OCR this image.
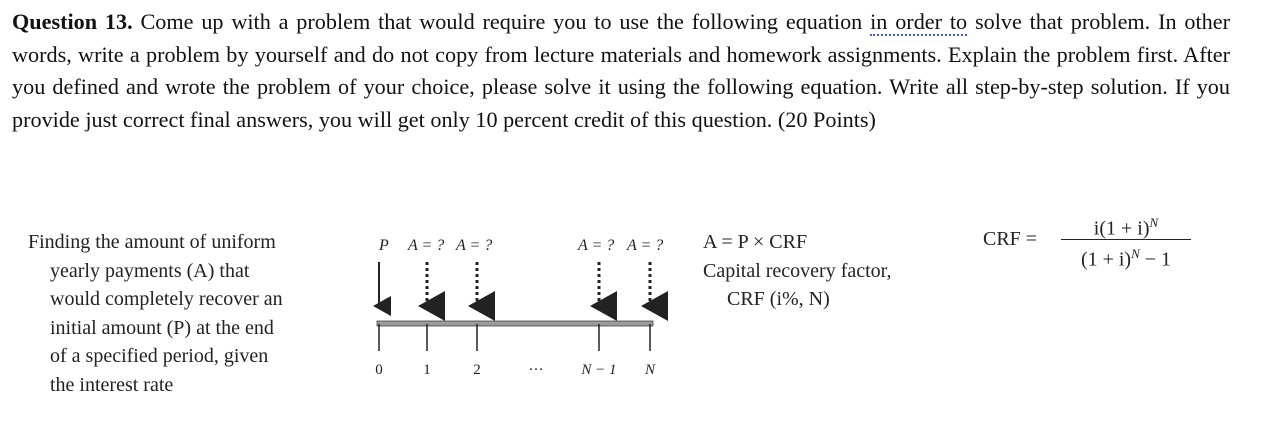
Question 13. Come up with a problem that would require you to use the following equation in order to solve that problem. In other words, write a problem by yourself and do not copy from lecture materials and homework assignments. Explain the problem first. After you defined and wrote the problem of your choice, please solve it using the following equation. Write all step-by-step solution. If you provide just correct final answers, you will get only 10 percent credit of this question. (20 Points)

Finding the amount of uniform
yearly payments (A) that
would completely recover an
initial amount (P) at the end
of a specified period, given
the interest rate
P A = ? A = ?	A = ? A = ?
0	1	2	···	N − 1 N
A = P × CRF
Capital recovery factor,
CRF (i%, N)
CRF =	$i(1 + i)^N$
$(1 + i)^N - 1$
